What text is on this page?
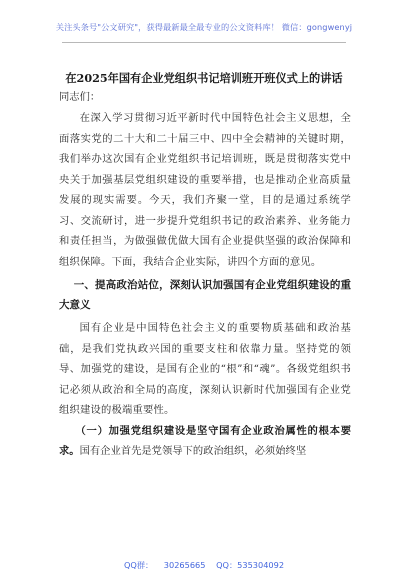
关注头条号"公文研究"，获得最新最全最专业的公文资料库！ 微信：gongwenyj
在2025年国有企业党组织书记培训班开班仪式上的讲话
同志们：

在深入学习贯彻习近平新时代中国特色社会主义思想，全面落实党的二十大和二十届三中、四中全会精神的关键时期，我们举办这次国有企业党组织书记培训班，既是贯彻落实党中央关于加强基层党组织建设的重要举措，也是推动企业高质量发展的现实需要。今天，我们齐聚一堂，目的是通过系统学习、交流研讨，进一步提升党组织书记的政治素养、业务能力和责任担当，为做强做优做大国有企业提供坚强的政治保障和组织保障。下面，我结合企业实际，讲四个方面的意见。

一、提高政治站位，深刻认识加强国有企业党组织建设的重大意义

国有企业是中国特色社会主义的重要物质基础和政治基础，是我们党执政兴国的重要支柱和依靠力量。坚持党的领导、加强党的建设，是国有企业的“根”和“魂”。各级党组织书记必须从政治和全局的高度，深刻认识新时代加强国有企业党组织建设的极端重要性。

（一）加强党组织建设是坚守国有企业政治属性的根本要求。国有企业首先是党领导下的政治组织，必须始终坚

QQ群： 30265665 QQ：535304092
